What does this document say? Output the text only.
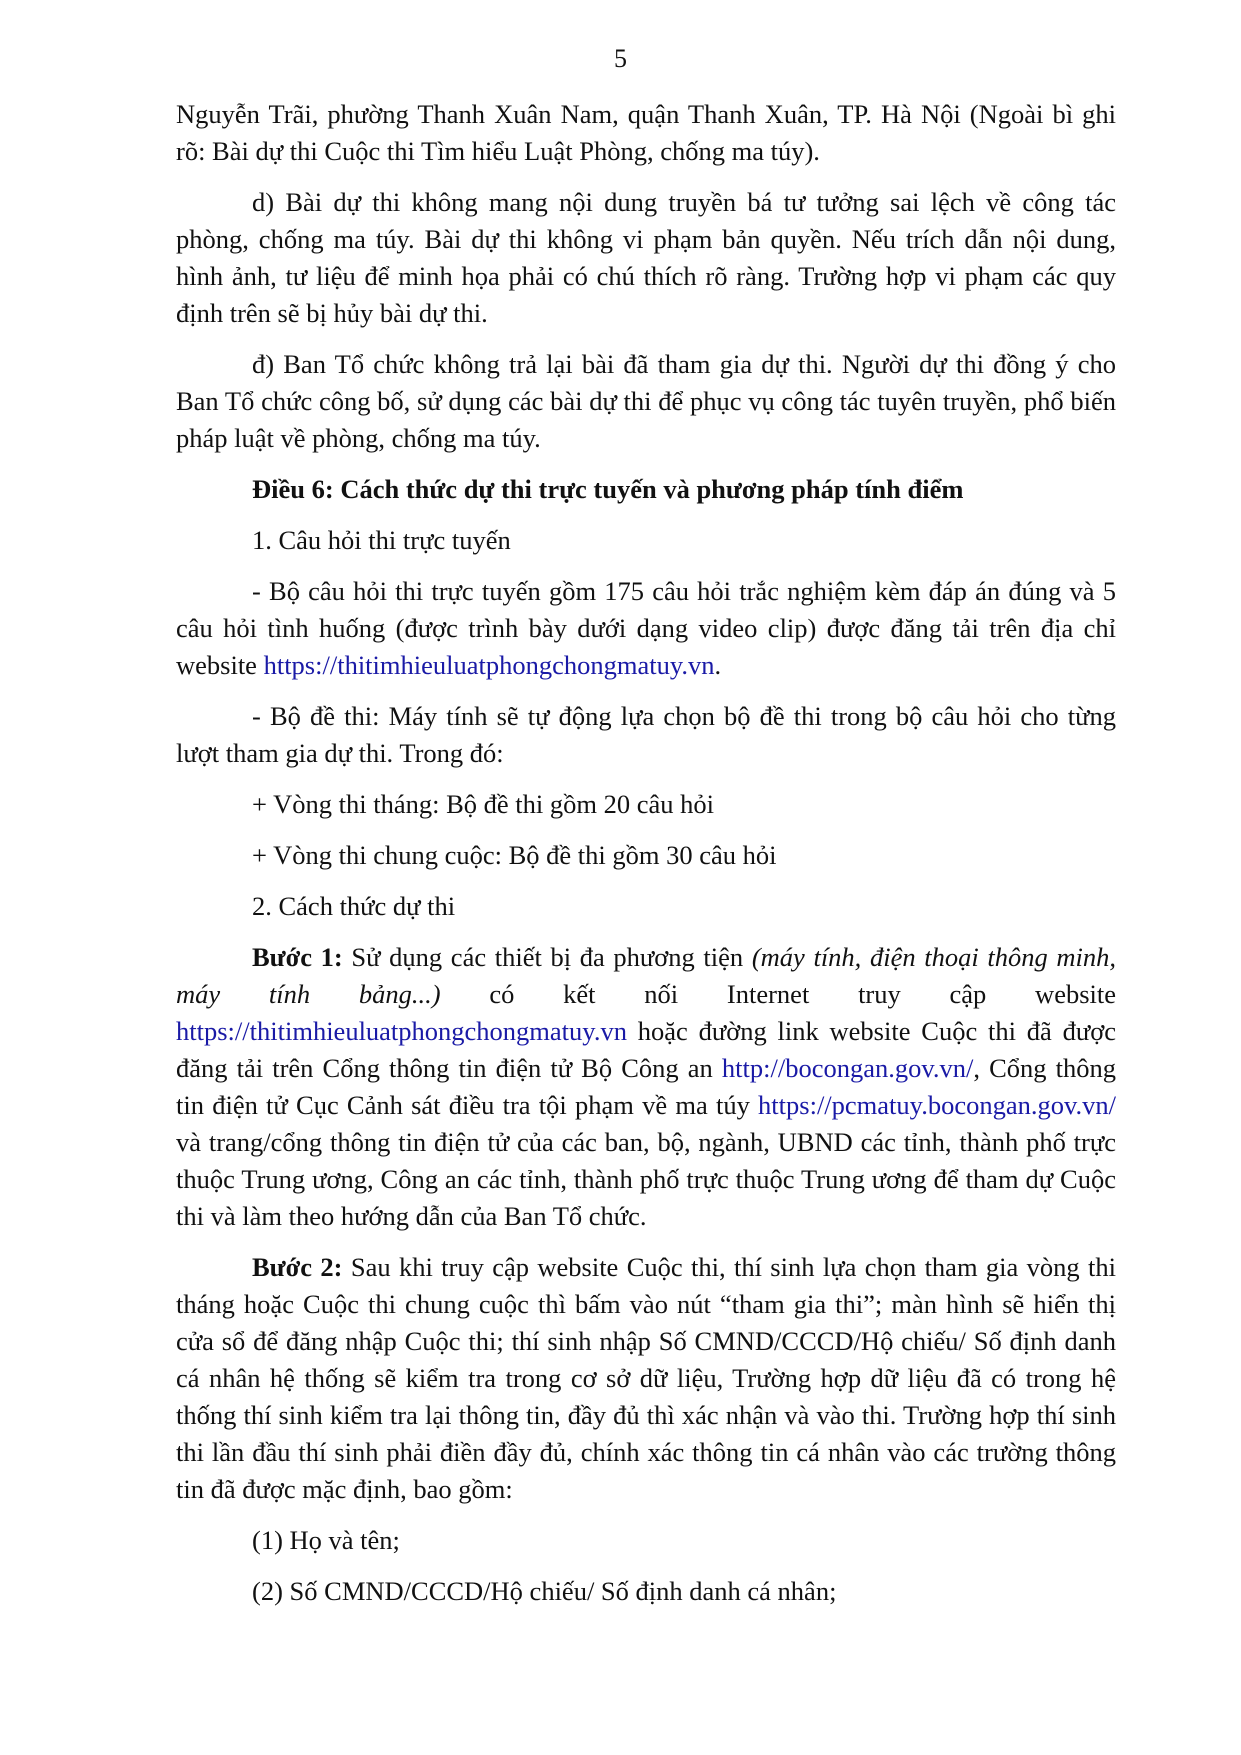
5

Nguyễn Trãi, phường Thanh Xuân Nam, quận Thanh Xuân, TP. Hà Nội (Ngoài bì ghi rõ: Bài dự thi Cuộc thi Tìm hiểu Luật Phòng, chống ma túy).

d) Bài dự thi không mang nội dung truyền bá tư tưởng sai lệch về công tác phòng, chống ma túy. Bài dự thi không vi phạm bản quyền. Nếu trích dẫn nội dung, hình ảnh, tư liệu để minh họa phải có chú thích rõ ràng. Trường hợp vi phạm các quy định trên sẽ bị hủy bài dự thi.

đ) Ban Tổ chức không trả lại bài đã tham gia dự thi. Người dự thi đồng ý cho Ban Tổ chức công bố, sử dụng các bài dự thi để phục vụ công tác tuyên truyền, phổ biến pháp luật về phòng, chống ma túy.

Điều 6: Cách thức dự thi trực tuyến và phương pháp tính điểm

1. Câu hỏi thi trực tuyến

- Bộ câu hỏi thi trực tuyến gồm 175 câu hỏi trắc nghiệm kèm đáp án đúng và 5 câu hỏi tình huống (được trình bày dưới dạng video clip) được đăng tải trên địa chỉ website https://thitimhieuluatphongchongmatuy.vn.

- Bộ đề thi: Máy tính sẽ tự động lựa chọn bộ đề thi trong bộ câu hỏi cho từng lượt tham gia dự thi. Trong đó:

+ Vòng thi tháng: Bộ đề thi gồm 20 câu hỏi

+ Vòng thi chung cuộc: Bộ đề thi gồm 30 câu hỏi

2. Cách thức dự thi

Bước 1: Sử dụng các thiết bị đa phương tiện (máy tính, điện thoại thông minh, máy tính bảng...) có kết nối Internet truy cập website https://thitimhieuluatphongchongmatuy.vn hoặc đường link website Cuộc thi đã được đăng tải trên Cổng thông tin điện tử Bộ Công an http://bocongan.gov.vn/, Cổng thông tin điện tử Cục Cảnh sát điều tra tội phạm về ma túy https://pcmatuy.bocongan.gov.vn/ và trang/cổng thông tin điện tử của các ban, bộ, ngành, UBND các tỉnh, thành phố trực thuộc Trung ương, Công an các tỉnh, thành phố trực thuộc Trung ương để tham dự Cuộc thi và làm theo hướng dẫn của Ban Tổ chức.

Bước 2: Sau khi truy cập website Cuộc thi, thí sinh lựa chọn tham gia vòng thi tháng hoặc Cuộc thi chung cuộc thì bấm vào nút “tham gia thi”; màn hình sẽ hiển thị cửa sổ để đăng nhập Cuộc thi; thí sinh nhập Số CMND/CCCD/Hộ chiếu/ Số định danh cá nhân hệ thống sẽ kiểm tra trong cơ sở dữ liệu, Trường hợp dữ liệu đã có trong hệ thống thí sinh kiểm tra lại thông tin, đầy đủ thì xác nhận và vào thi. Trường hợp thí sinh thi lần đầu thí sinh phải điền đầy đủ, chính xác thông tin cá nhân vào các trường thông tin đã được mặc định, bao gồm:

(1) Họ và tên;

(2) Số CMND/CCCD/Hộ chiếu/ Số định danh cá nhân;
